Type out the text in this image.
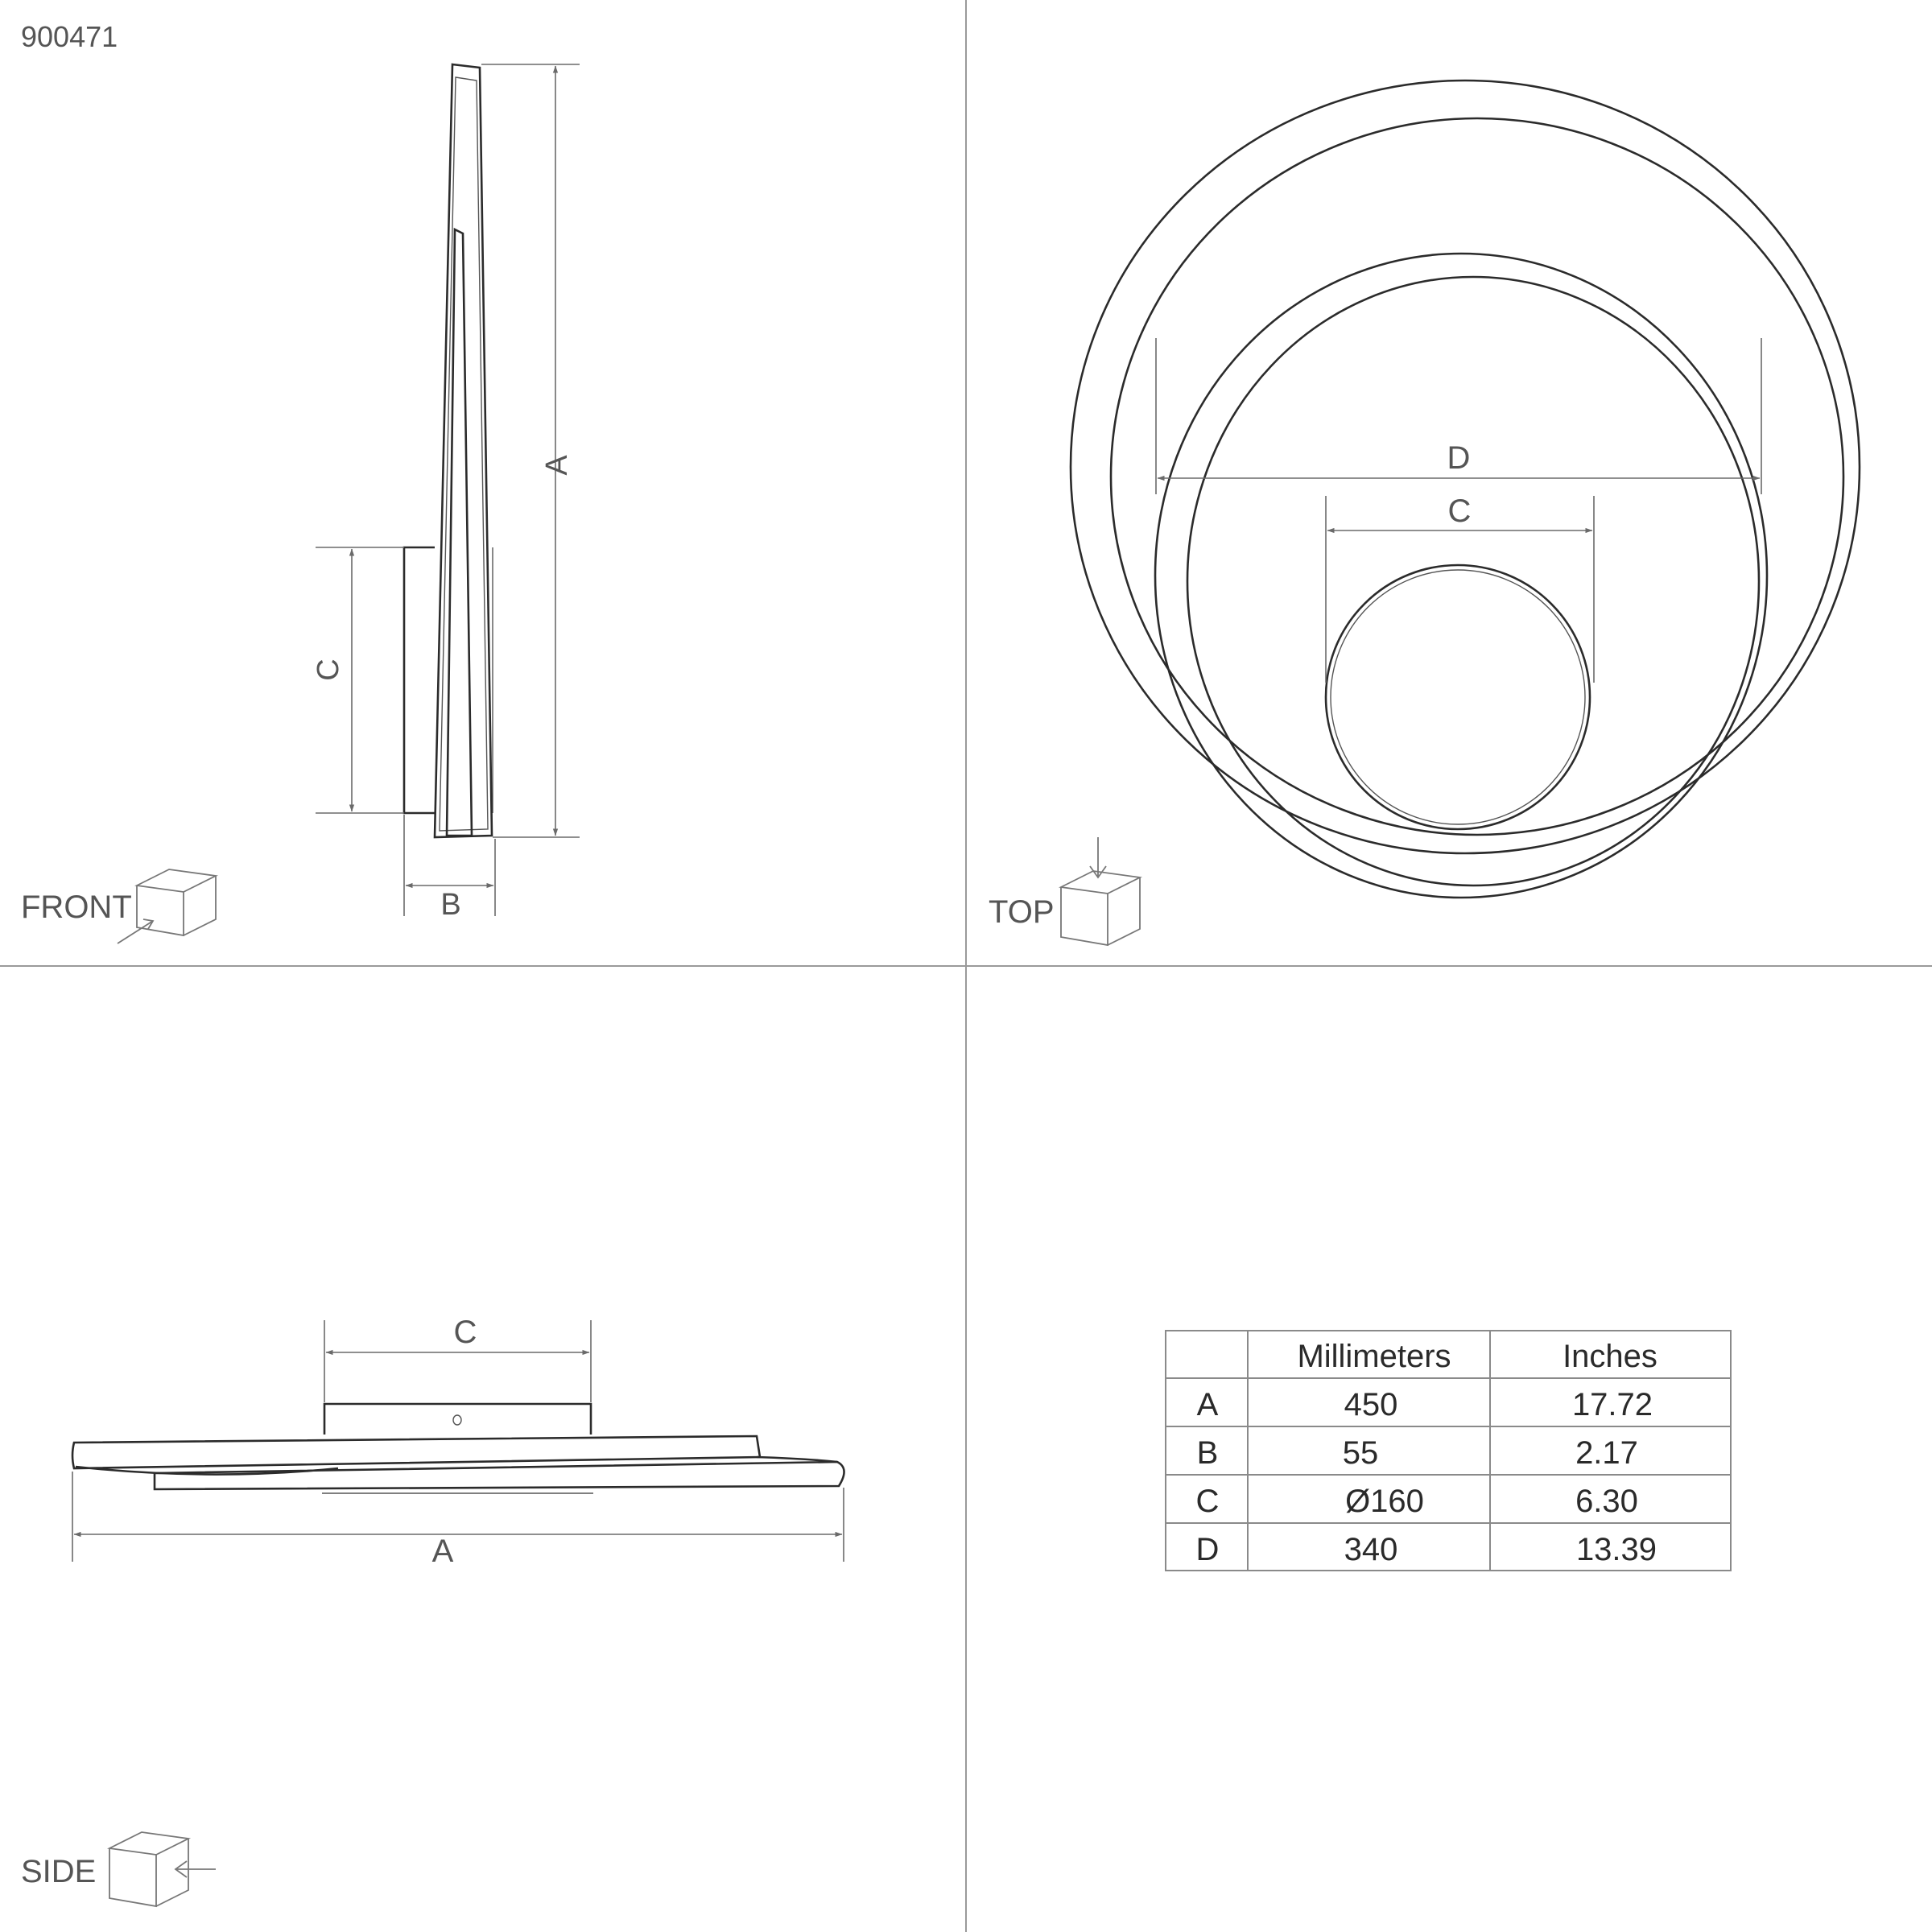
900471
A
C
B
FRONT
D
C
TOP
C
A
SIDE
Millimeters	Inches
A	450	17.72
B	55	2.17
C	Ø160	6.30
D	340	13.39
